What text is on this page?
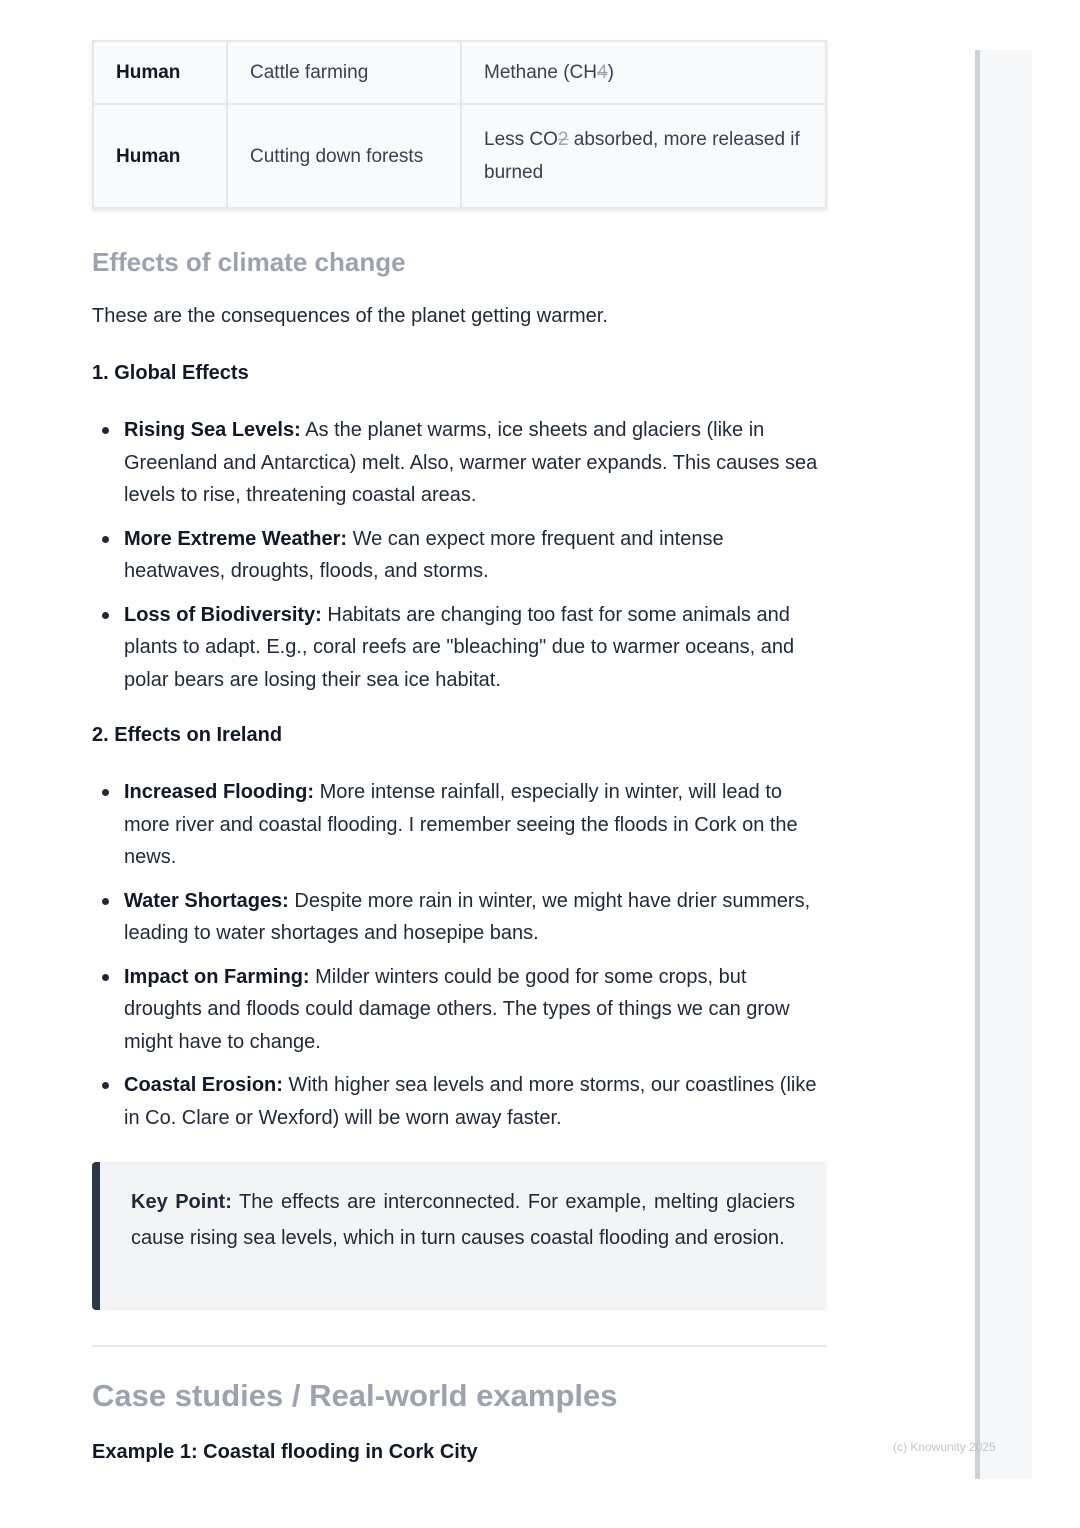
(c) Knowunity 2025
Human	Cattle farming	Methane (CH4)
Human	Cutting down forests	Less CO2 absorbed, more released if burned
Effects of climate change
These are the consequences of the planet getting warmer.
1. Global Effects
Rising Sea Levels: As the planet warms, ice sheets and glaciers (like in Greenland and Antarctica) melt. Also, warmer water expands. This causes sea levels to rise, threatening coastal areas.
More Extreme Weather: We can expect more frequent and intense heatwaves, droughts, floods, and storms.
Loss of Biodiversity: Habitats are changing too fast for some animals and plants to adapt. E.g., coral reefs are "bleaching" due to warmer oceans, and polar bears are losing their sea ice habitat.
2. Effects on Ireland
Increased Flooding: More intense rainfall, especially in winter, will lead to more river and coastal flooding. I remember seeing the floods in Cork on the news.
Water Shortages: Despite more rain in winter, we might have drier summers, leading to water shortages and hosepipe bans.
Impact on Farming: Milder winters could be good for some crops, but droughts and floods could damage others. The types of things we can grow might have to change.
Coastal Erosion: With higher sea levels and more storms, our coastlines (like in Co. Clare or Wexford) will be worn away faster.
Key Point: The effects are interconnected. For example, melting glaciers cause rising sea levels, which in turn causes coastal flooding and erosion.
Case studies / Real-world examples
Example 1: Coastal flooding in Cork City
